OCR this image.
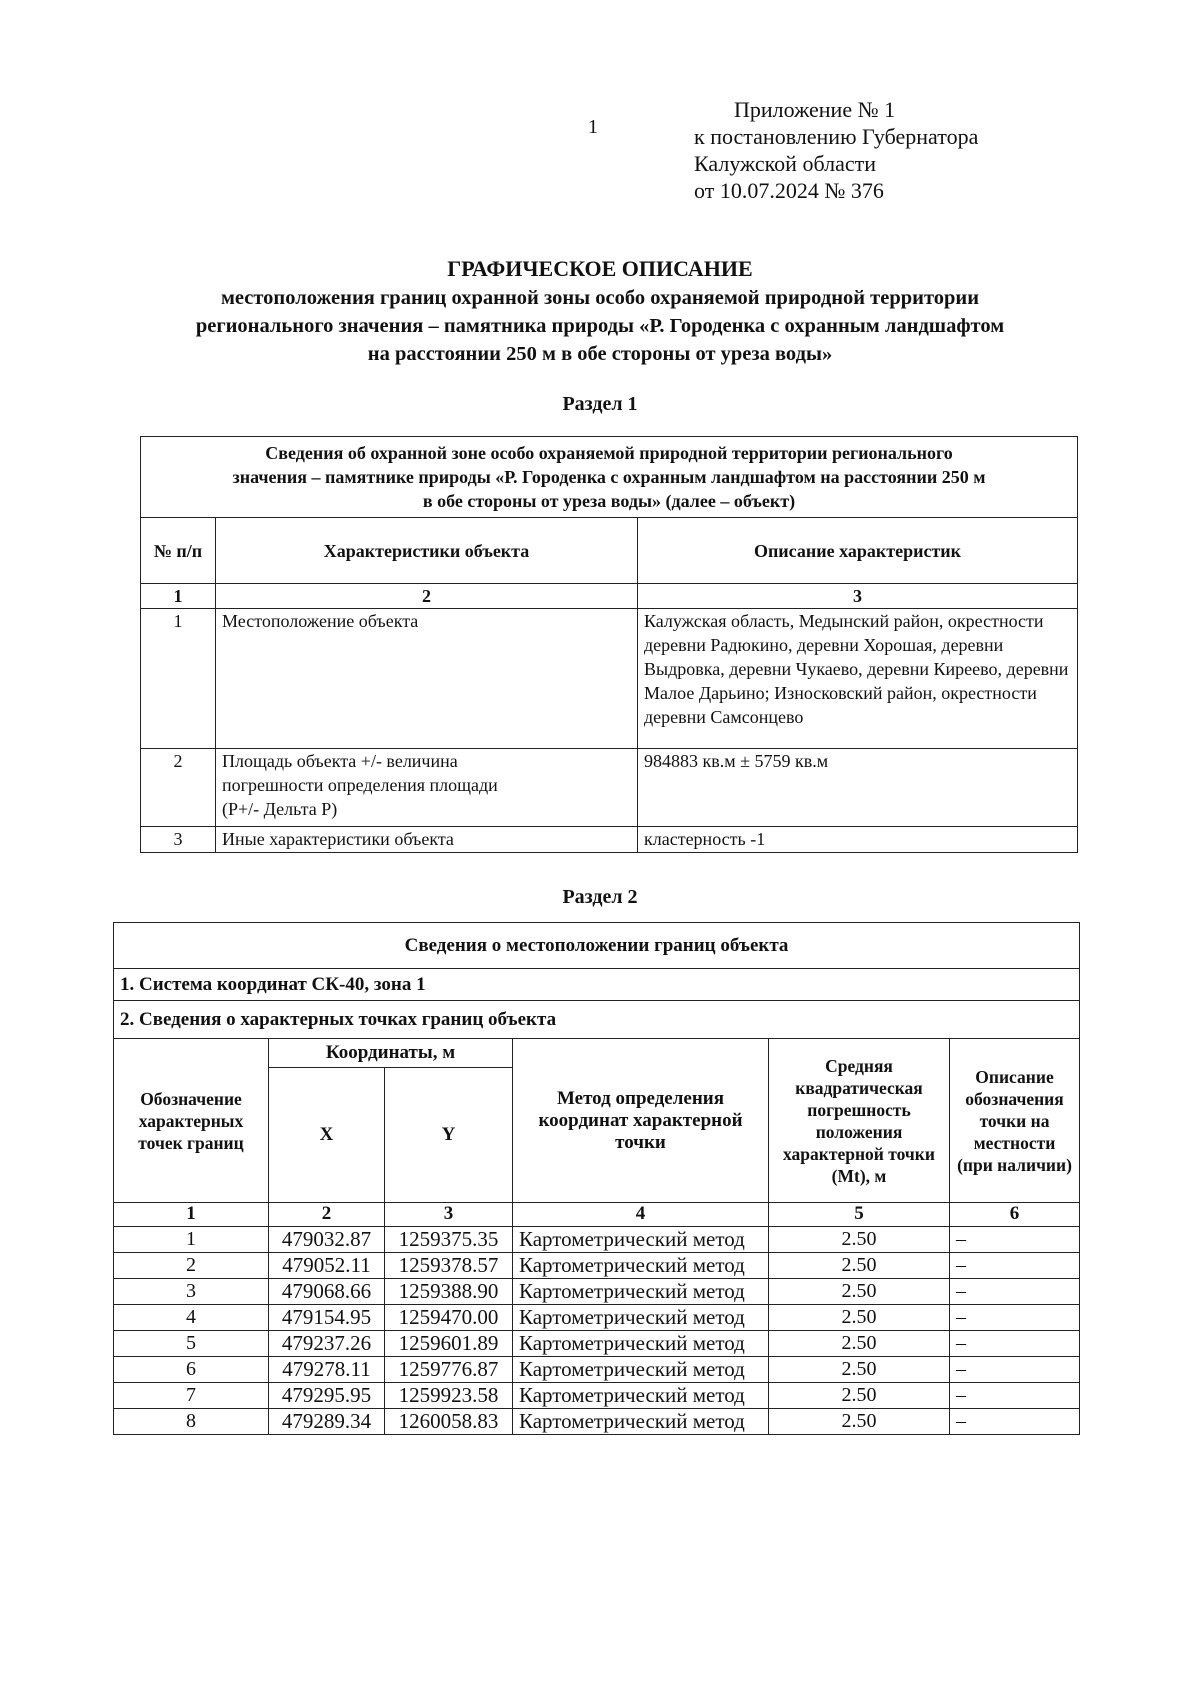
1
Приложение № 1
к постановлению Губернатора
Калужской области
от 10.07.2024 № 376
ГРАФИЧЕСКОЕ ОПИСАНИЕ
местоположения границ охранной зоны особо охраняемой природной территории
регионального значения – памятника природы «Р. Городенка с охранным ландшафтом
на расстоянии 250 м в обе стороны от уреза воды»
Раздел 1
Сведения об охранной зоне особо охраняемой природной территории регионального
значения – памятнике природы «Р. Городенка с охранным ландшафтом на расстоянии 250 м
в обе стороны от уреза воды» (далее – объект)		

№ п/п	Характеристики объекта	Описание характеристик
1	2	3
1	Местоположение объекта	Калужская область, Медынский район, окрестности деревни Радюкино, деревни Хорошая, деревни Выдровка, деревни Чукаево, деревни Киреево, деревни Малое Дарьино; Износковский район, окрестности деревни Самсонцево
2	Площадь объекта +/- величина погрешности определения площади (Р+/- Дельта Р)	984883 кв.м ± 5759 кв.м
3	Иные характеристики объекта	кластерность -1
Раздел 2
Сведения о местоположении границ объекта					
1. Система координат СК-40, зона 1					
2. Сведения о характерных точках границ объекта					
Обозначение характерных точек границ	Координаты, м		Метод определения координат характерной точки	Средняя квадратическая погрешность положения характерной точки (Mt), м	Описание обозначения точки на местности (при наличии)
	X	Y			
1	2	3	4	5	6
1	479032.87	1259375.35	Картометрический метод	2.50	–
2	479052.11	1259378.57	Картометрический метод	2.50	–
3	479068.66	1259388.90	Картометрический метод	2.50	–
4	479154.95	1259470.00	Картометрический метод	2.50	–
5	479237.26	1259601.89	Картометрический метод	2.50	–
6	479278.11	1259776.87	Картометрический метод	2.50	–
7	479295.95	1259923.58	Картометрический метод	2.50	–
8	479289.34	1260058.83	Картометрический метод	2.50	–
